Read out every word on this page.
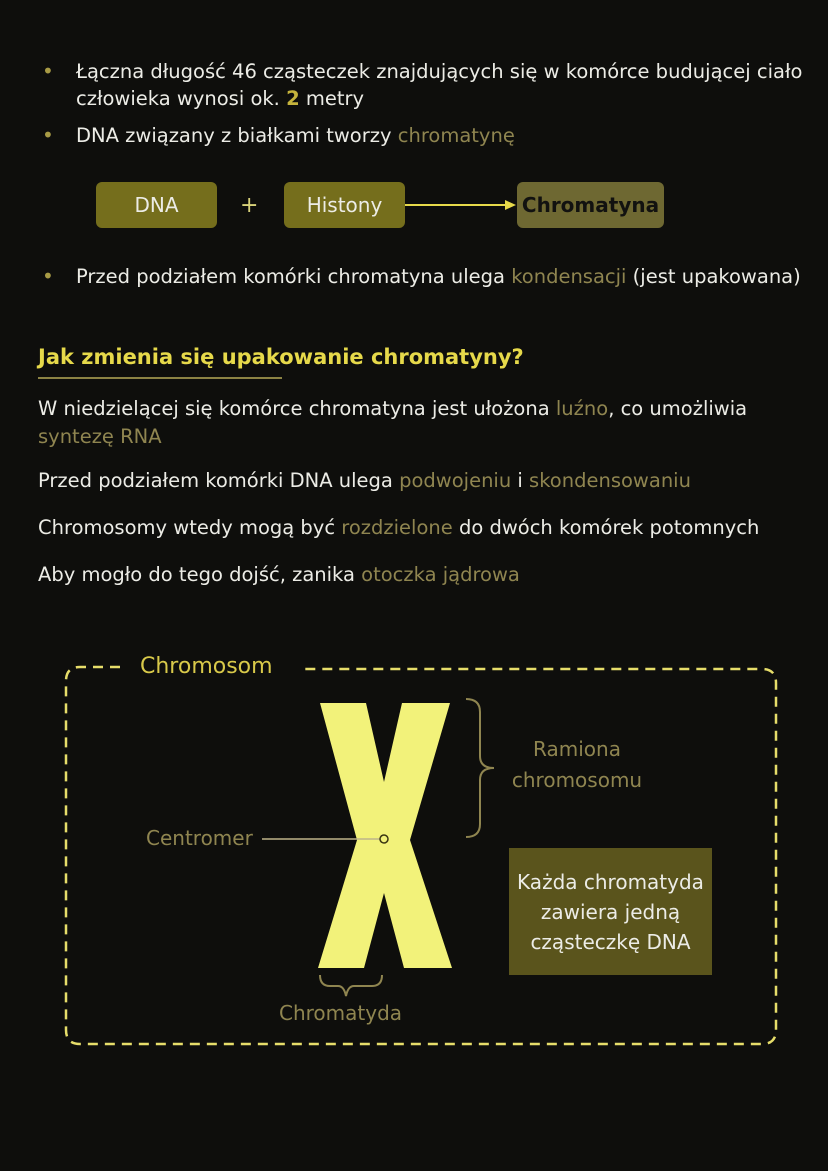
• Łączna długość 46 cząsteczek znajdujących się w komórce budującej ciało człowieka wynosi ok. 2 metry
• DNA związany z białkami tworzy chromatynę
DNA	+	Histony	Chromatyna
• Przed podziałem komórki chromatyna ulega kondensacji (jest upakowana)
Jak zmienia się upakowanie chromatyny?
W niedzielącej się komórce chromatyna jest ułożona luźno, co umożliwia syntezę RNA
Przed podziałem komórki DNA ulega podwojeniu i skondensowaniu
Chromosomy wtedy mogą być rozdzielone do dwóch komórek potomnych
Aby mogło do tego dojść, zanika otoczka jądrowa
Chromosom
Ramiona chromosomu
Centromer
Chromatyda
Każda chromatyda zawiera jedną cząsteczkę DNA
